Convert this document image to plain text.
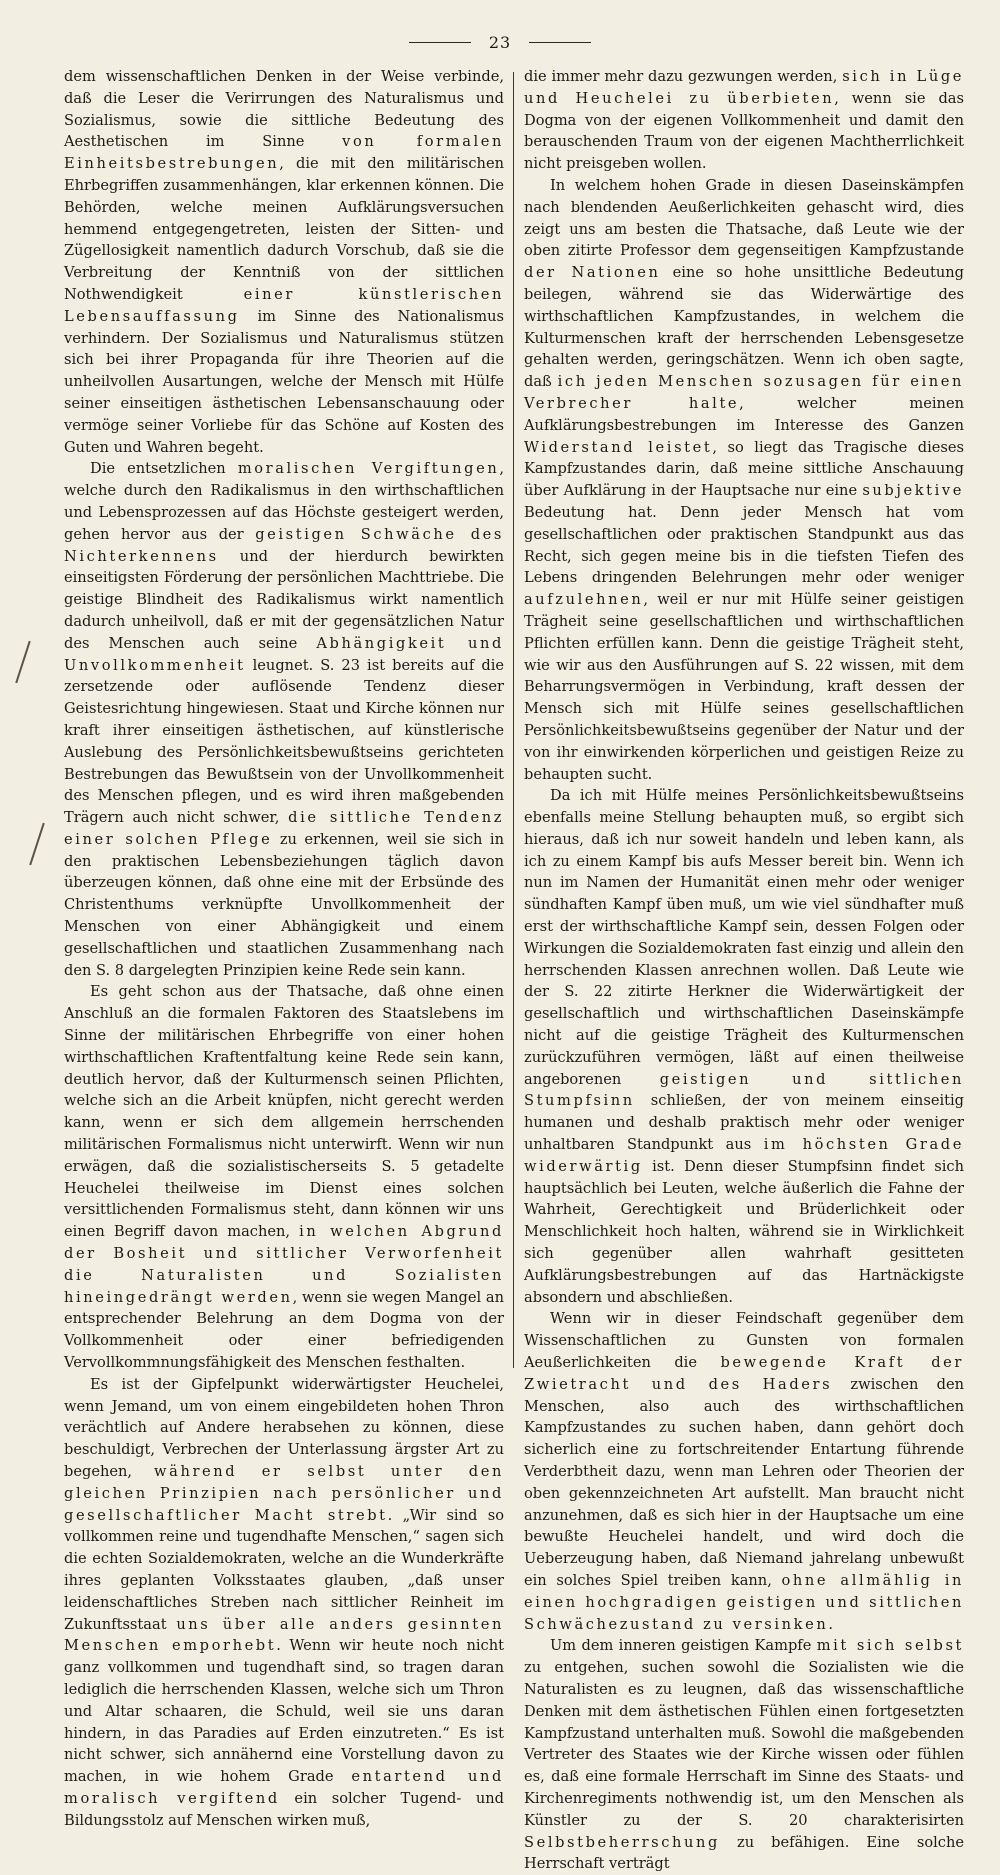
23

dem wissenschaftlichen Denken in der Weise verbinde, daß die Leser die Verirrungen des Naturalismus und Sozialismus, sowie die sittliche Bedeutung des Aesthetischen im Sinne von formalen Einheitsbestrebungen, die mit den militärischen Ehrbegriffen zusammenhängen, klar erkennen können. Die Behörden, welche meinen Aufklärungsversuchen hemmend entgegengetreten, leisten der Sitten- und Zügellosigkeit namentlich dadurch Vorschub, daß sie die Verbreitung der Kenntniß von der sittlichen Nothwendigkeit einer künstlerischen Lebensauffassung im Sinne des Nationalismus verhindern. Der Sozialismus und Naturalismus stützen sich bei ihrer Propaganda für ihre Theorien auf die unheilvollen Ausartungen, welche der Mensch mit Hülfe seiner einseitigen ästhetischen Lebensanschauung oder vermöge seiner Vorliebe für das Schöne auf Kosten des Guten und Wahren begeht.

Die entsetzlichen moralischen Vergiftungen, welche durch den Radikalismus in den wirthschaftlichen und Lebensprozessen auf das Höchste gesteigert werden, gehen hervor aus der geistigen Schwäche des Nichterkennens und der hierdurch bewirkten einseitigsten Förderung der persönlichen Machttriebe. Die geistige Blindheit des Radikalismus wirkt namentlich dadurch unheilvoll, daß er mit der gegensätzlichen Natur des Menschen auch seine Abhängigkeit und Unvollkommenheit leugnet. S. 23 ist bereits auf die zersetzende oder auflösende Tendenz dieser Geistesrichtung hingewiesen. Staat und Kirche können nur kraft ihrer einseitigen ästhetischen, auf künstlerische Auslebung des Persönlichkeitsbewußtseins gerichteten Bestrebungen das Bewußtsein von der Unvollkommenheit des Menschen pflegen, und es wird ihren maßgebenden Trägern auch nicht schwer, die sittliche Tendenz einer solchen Pflege zu erkennen, weil sie sich in den praktischen Lebensbeziehungen täglich davon überzeugen können, daß ohne eine mit der Erbsünde des Christenthums verknüpfte Unvollkommenheit der Menschen von einer Abhängigkeit und einem gesellschaftlichen und staatlichen Zusammenhang nach den S. 8 dargelegten Prinzipien keine Rede sein kann.

Es geht schon aus der Thatsache, daß ohne einen Anschluß an die formalen Faktoren des Staatslebens im Sinne der militärischen Ehrbegriffe von einer hohen wirthschaftlichen Kraftentfaltung keine Rede sein kann, deutlich hervor, daß der Kulturmensch seinen Pflichten, welche sich an die Arbeit knüpfen, nicht gerecht werden kann, wenn er sich dem allgemein herrschenden militärischen Formalismus nicht unterwirft. Wenn wir nun erwägen, daß die sozialistischerseits S. 5 getadelte Heuchelei theilweise im Dienst eines solchen versittlichenden Formalismus steht, dann können wir uns einen Begriff davon machen, in welchen Abgrund der Bosheit und sittlicher Verworfenheit die Naturalisten und Sozialisten hineingedrängt werden, wenn sie wegen Mangel an entsprechender Belehrung an dem Dogma von der Vollkommenheit oder einer befriedigenden Vervollkommnungsfähigkeit des Menschen festhalten.

Es ist der Gipfelpunkt widerwärtigster Heuchelei, wenn Jemand, um von einem eingebildeten hohen Thron verächtlich auf Andere herabsehen zu können, diese beschuldigt, Verbrechen der Unterlassung ärgster Art zu begehen, während er selbst unter den gleichen Prinzipien nach persönlicher und gesellschaftlicher Macht strebt. „Wir sind so vollkommen reine und tugendhafte Menschen,“ sagen sich die echten Sozialdemokraten, welche an die Wunderkräfte ihres geplanten Volksstaates glauben, „daß unser leidenschaftliches Streben nach sittlicher Reinheit im Zukunftsstaat uns über alle anders gesinnten Menschen emporhebt. Wenn wir heute noch nicht ganz vollkommen und tugendhaft sind, so tragen daran lediglich die herrschenden Klassen, welche sich um Thron und Altar schaaren, die Schuld, weil sie uns daran hindern, in das Paradies auf Erden einzutreten.“ Es ist nicht schwer, sich annähernd eine Vorstellung davon zu machen, in wie hohem Grade entartend und moralisch vergiftend ein solcher Tugend- und Bildungsstolz auf Menschen wirken muß,

die immer mehr dazu gezwungen werden, sich in Lüge und Heuchelei zu überbieten, wenn sie das Dogma von der eigenen Vollkommenheit und damit den berauschenden Traum von der eigenen Machtherrlichkeit nicht preisgeben wollen.

In welchem hohen Grade in diesen Daseinskämpfen nach blendenden Aeußerlichkeiten gehascht wird, dies zeigt uns am besten die Thatsache, daß Leute wie der oben zitirte Professor dem gegenseitigen Kampfzustande der Nationen eine so hohe unsittliche Bedeutung beilegen, während sie das Widerwärtige des wirthschaftlichen Kampfzustandes, in welchem die Kulturmenschen kraft der herrschenden Lebensgesetze gehalten werden, geringschätzen. Wenn ich oben sagte, daß ich jeden Menschen sozusagen für einen Verbrecher halte, welcher meinen Aufklärungsbestrebungen im Interesse des Ganzen Widerstand leistet, so liegt das Tragische dieses Kampfzustandes darin, daß meine sittliche Anschauung über Aufklärung in der Hauptsache nur eine subjektive Bedeutung hat. Denn jeder Mensch hat vom gesellschaftlichen oder praktischen Standpunkt aus das Recht, sich gegen meine bis in die tiefsten Tiefen des Lebens dringenden Belehrungen mehr oder weniger aufzulehnen, weil er nur mit Hülfe seiner geistigen Trägheit seine gesellschaftlichen und wirthschaftlichen Pflichten erfüllen kann. Denn die geistige Trägheit steht, wie wir aus den Ausführungen auf S. 22 wissen, mit dem Beharrungsvermögen in Verbindung, kraft dessen der Mensch sich mit Hülfe seines gesellschaftlichen Persönlichkeitsbewußtseins gegenüber der Natur und der von ihr einwirkenden körperlichen und geistigen Reize zu behaupten sucht.

Da ich mit Hülfe meines Persönlichkeitsbewußtseins ebenfalls meine Stellung behaupten muß, so ergibt sich hieraus, daß ich nur soweit handeln und leben kann, als ich zu einem Kampf bis aufs Messer bereit bin. Wenn ich nun im Namen der Humanität einen mehr oder weniger sündhaften Kampf üben muß, um wie viel sündhafter muß erst der wirthschaftliche Kampf sein, dessen Folgen oder Wirkungen die Sozialdemokraten fast einzig und allein den herrschenden Klassen anrechnen wollen. Daß Leute wie der S. 22 zitirte Herkner die Widerwärtigkeit der gesellschaftlich und wirthschaftlichen Daseinskämpfe nicht auf die geistige Trägheit des Kulturmenschen zurückzuführen vermögen, läßt auf einen theilweise angeborenen geistigen und sittlichen Stumpfsinn schließen, der von meinem einseitig humanen und deshalb praktisch mehr oder weniger unhaltbaren Standpunkt aus im höchsten Grade widerwärtig ist. Denn dieser Stumpfsinn findet sich hauptsächlich bei Leuten, welche äußerlich die Fahne der Wahrheit, Gerechtigkeit und Brüderlichkeit oder Menschlichkeit hoch halten, während sie in Wirklichkeit sich gegenüber allen wahrhaft gesitteten Aufklärungsbestrebungen auf das Hartnäckigste absondern und abschließen.

Wenn wir in dieser Feindschaft gegenüber dem Wissenschaftlichen zu Gunsten von formalen Aeußerlichkeiten die bewegende Kraft der Zwietracht und des Haders zwischen den Menschen, also auch des wirthschaftlichen Kampfzustandes zu suchen haben, dann gehört doch sicherlich eine zu fortschreitender Entartung führende Verderbtheit dazu, wenn man Lehren oder Theorien der oben gekennzeichneten Art aufstellt. Man braucht nicht anzunehmen, daß es sich hier in der Hauptsache um eine bewußte Heuchelei handelt, und wird doch die Ueberzeugung haben, daß Niemand jahrelang unbewußt ein solches Spiel treiben kann, ohne allmählig in einen hochgradigen geistigen und sittlichen Schwächezustand zu versinken.

Um dem inneren geistigen Kampfe mit sich selbst zu entgehen, suchen sowohl die Sozialisten wie die Naturalisten es zu leugnen, daß das wissenschaftliche Denken mit dem ästhetischen Fühlen einen fortgesetzten Kampfzustand unterhalten muß. Sowohl die maßgebenden Vertreter des Staates wie der Kirche wissen oder fühlen es, daß eine formale Herrschaft im Sinne des Staats- und Kirchenregiments nothwendig ist, um den Menschen als Künstler zu der S. 20 charakterisirten Selbstbeherrschung zu befähigen. Eine solche Herrschaft verträgt
